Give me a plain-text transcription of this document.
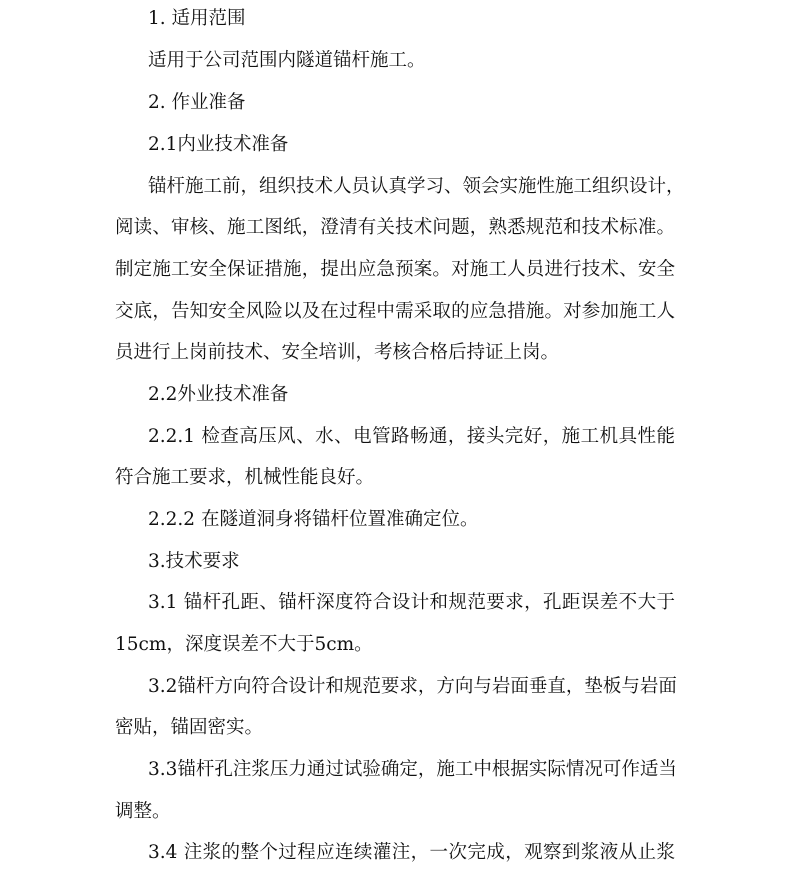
1. 适用范围
适用于公司范围内隧道锚杆施工。
2. 作业准备
2.1内业技术准备
锚杆施工前，组织技术人员认真学习、领会实施性施工组织设计，
阅读、审核、施工图纸，澄清有关技术问题，熟悉规范和技术标准。
制定施工安全保证措施，提出应急预案。对施工人员进行技术、安全
交底，告知安全风险以及在过程中需采取的应急措施。对参加施工人
员进行上岗前技术、安全培训，考核合格后持证上岗。
2.2外业技术准备
2.2.1 检查高压风、水、电管路畅通，接头完好，施工机具性能
符合施工要求，机械性能良好。
2.2.2 在隧道洞身将锚杆位置准确定位。
3.技术要求
3.1 锚杆孔距、锚杆深度符合设计和规范要求，孔距误差不大于
15cm，深度误差不大于5cm。
3.2锚杆方向符合设计和规范要求，方向与岩面垂直，垫板与岩面
密贴，锚固密实。
3.3锚杆孔注浆压力通过试验确定，施工中根据实际情况可作适当
调整。
3.4 注浆的整个过程应连续灌注，一次完成，观察到浆液从止浆
